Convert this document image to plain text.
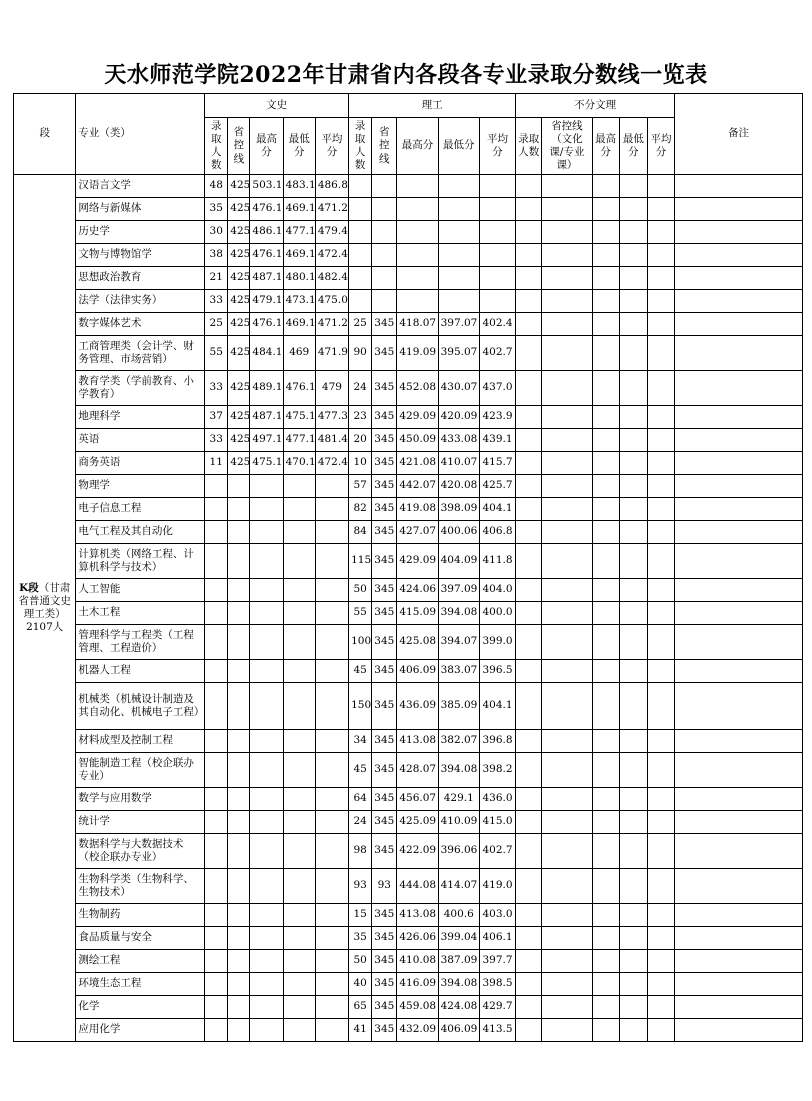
天水师范学院2022年甘肃省内各段各专业录取分数线一览表
段	专业（类）	文史					理工					不分文理					备注
		录取人数	省控线	最高分	最低分	平均分	录取人数	省控线	最高分	最低分	平均分	录取人数	省控线（文化课/专业课）	最高分	最低分	平均分	
K段（甘肃省普通文史理工类）2107人	汉语言文学	48	425	503.1	483.1	486.8											
	网络与新媒体	35	425	476.1	469.1	471.2											
	历史学	30	425	486.1	477.1	479.4											
	文物与博物馆学	38	425	476.1	469.1	472.4											
	思想政治教育	21	425	487.1	480.1	482.4											
	法学（法律实务）	33	425	479.1	473.1	475.0											
	数字媒体艺术	25	425	476.1	469.1	471.2	25	345	418.07	397.07	402.4						
	工商管理类（会计学、财务管理、市场营销）	55	425	484.1	469	471.9	90	345	419.09	395.07	402.7						
	教育学类（学前教育、小学教育）	33	425	489.1	476.1	479	24	345	452.08	430.07	437.0						
	地理科学	37	425	487.1	475.1	477.3	23	345	429.09	420.09	423.9						
	英语	33	425	497.1	477.1	481.4	20	345	450.09	433.08	439.1						
	商务英语	11	425	475.1	470.1	472.4	10	345	421.08	410.07	415.7						
	物理学						57	345	442.07	420.08	425.7						
	电子信息工程						82	345	419.08	398.09	404.1						
	电气工程及其自动化						84	345	427.07	400.06	406.8						
	计算机类（网络工程、计算机科学与技术）						115	345	429.09	404.09	411.8						
	人工智能						50	345	424.06	397.09	404.0						
	土木工程						55	345	415.09	394.08	400.0						
	管理科学与工程类（工程管理、工程造价）						100	345	425.08	394.07	399.0						
	机器人工程						45	345	406.09	383.07	396.5						
	机械类（机械设计制造及其自动化、机械电子工程）						150	345	436.09	385.09	404.1						
	材料成型及控制工程						34	345	413.08	382.07	396.8						
	智能制造工程（校企联办专业）						45	345	428.07	394.08	398.2						
	数学与应用数学						64	345	456.07	429.1	436.0						
	统计学						24	345	425.09	410.09	415.0						
	数据科学与大数据技术（校企联办专业）						98	345	422.09	396.06	402.7						
	生物科学类（生物科学、生物技术）						93	93	444.08	414.07	419.0						
	生物制药						15	345	413.08	400.6	403.0						
	食品质量与安全						35	345	426.06	399.04	406.1						
	测绘工程						50	345	410.08	387.09	397.7						
	环境生态工程						40	345	416.09	394.08	398.5						
	化学						65	345	459.08	424.08	429.7						
	应用化学						41	345	432.09	406.09	413.5						
